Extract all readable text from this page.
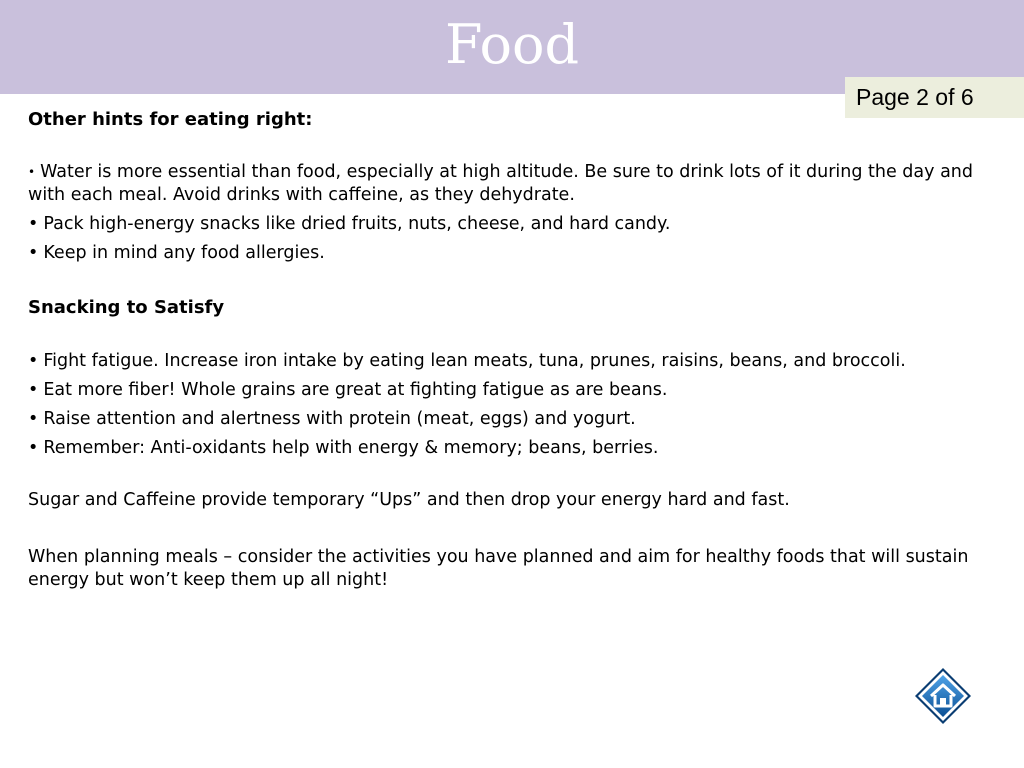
Food
Page 2 of 6

Other hints for eating right:

• Water is more essential than food, especially at high altitude. Be sure to drink lots of it during the day and with each meal. Avoid drinks with caffeine, as they dehydrate.
• Pack high-energy snacks like dried fruits, nuts, cheese, and hard candy.
• Keep in mind any food allergies.

Snacking to Satisfy

• Fight fatigue. Increase iron intake by eating lean meats, tuna, prunes, raisins, beans, and broccoli.
• Eat more fiber! Whole grains are great at fighting fatigue as are beans.
• Raise attention and alertness with protein (meat, eggs) and yogurt.
• Remember: Anti-oxidants help with energy & memory; beans, berries.

Sugar and Caffeine provide temporary “Ups” and then drop your energy hard and fast.

When planning meals – consider the activities you have planned and aim for healthy foods that will sustain energy but won’t keep them up all night!
